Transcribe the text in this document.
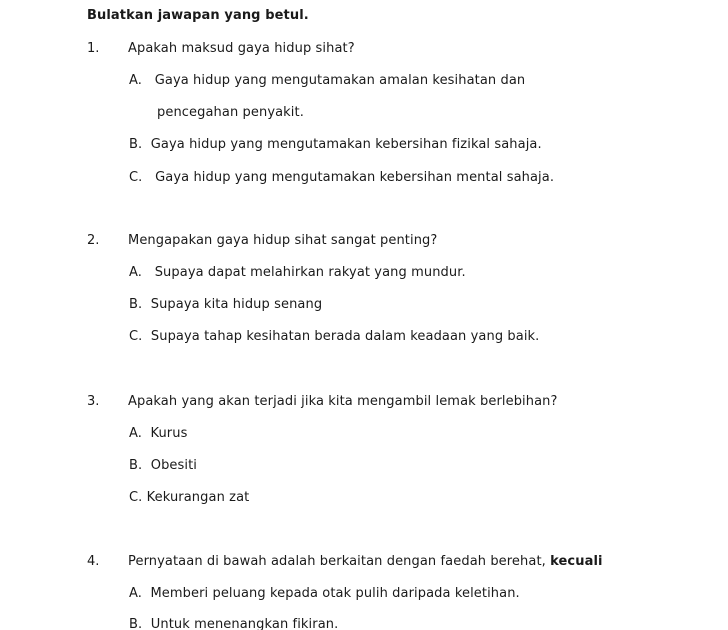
Bulatkan jawapan yang betul.
1. Apakah maksud gaya hidup sihat?
A. Gaya hidup yang mengutamakan amalan kesihatan dan
pencegahan penyakit.
B. Gaya hidup yang mengutamakan kebersihan fizikal sahaja.
C. Gaya hidup yang mengutamakan kebersihan mental sahaja.
2. Mengapakan gaya hidup sihat sangat penting?
A. Supaya dapat melahirkan rakyat yang mundur.
B. Supaya kita hidup senang
C. Supaya tahap kesihatan berada dalam keadaan yang baik.
3. Apakah yang akan terjadi jika kita mengambil lemak berlebihan?
A. Kurus
B. Obesiti
C. Kekurangan zat
4. Pernyataan di bawah adalah berkaitan dengan faedah berehat, kecuali
A. Memberi peluang kepada otak pulih daripada keletihan.
B. Untuk menenangkan fikiran.
